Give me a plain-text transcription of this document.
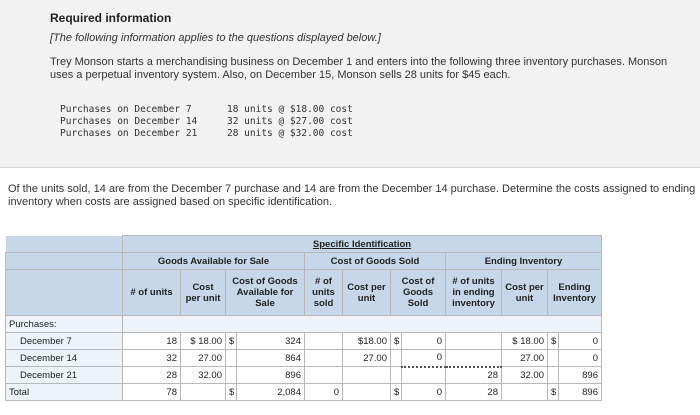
Required information
[The following information applies to the questions displayed below.]
Trey Monson starts a merchandising business on December 1 and enters into the following three inventory purchases. Monson uses a perpetual inventory system. Also, on December 15, Monson sells 28 units for $45 each.
Purchases on December 7	18 units @ $18.00 cost
Purchases on December 14	32 units @ $27.00 cost
Purchases on December 21	28 units @ $32.00 cost
Of the units sold, 14 are from the December 7 purchase and 14 are from the December 14 purchase. Determine the costs assigned to ending inventory when costs are assigned based on specific identification.
	Specific Identification											
	Goods Available for Sale				Cost of Goods Sold				Ending Inventory			
	# of units	Cost per unit	Cost of Goods Available for Sale		# of units sold	Cost per unit	Cost of Goods Sold		# of units in ending inventory	Cost per unit	Ending Inventory	
Purchases:												
December 7	18	$ 18.00	$	324		$18.00	$	0		$ 18.00	$	0
December 14	32	27.00		864		27.00		0		27.00		0
December 21	28	32.00		896					28	32.00		896
Total	78		$	2,084	0		$	0	28		$	896
